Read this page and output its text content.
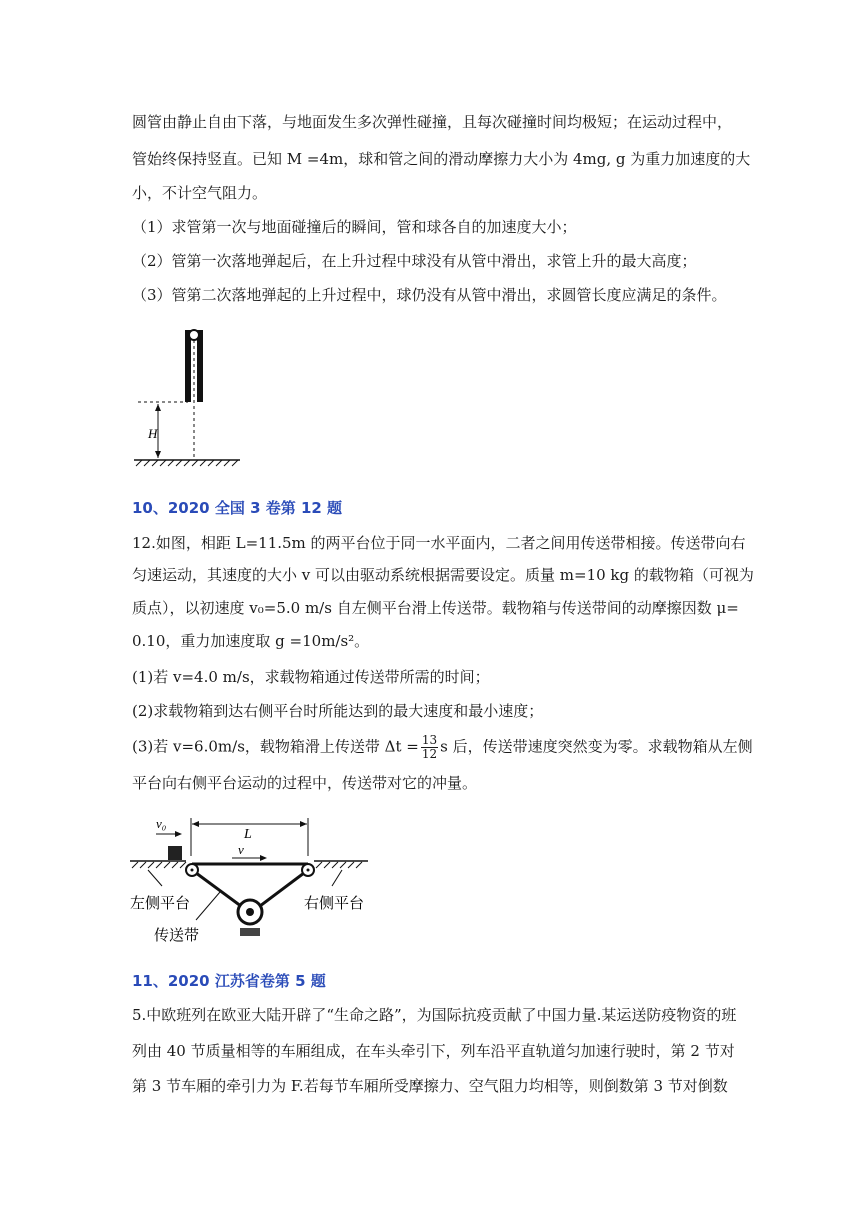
圆管由静止自由下落，与地面发生多次弹性碰撞，且每次碰撞时间均极短；在运动过程中，
管始终保持竖直。已知 M =4m，球和管之间的滑动摩擦力大小为 4mg, g 为重力加速度的大
小，不计空气阻力。
（1）求管第一次与地面碰撞后的瞬间，管和球各自的加速度大小；
（2）管第一次落地弹起后，在上升过程中球没有从管中滑出，求管上升的最大高度；
（3）管第二次落地弹起的上升过程中，球仍没有从管中滑出，求圆管长度应满足的条件。
H
10、2020 全国 3 卷第 12 题
12.如图，相距 L=11.5m 的两平台位于同一水平面内，二者之间用传送带相接。传送带向右
匀速运动，其速度的大小 v 可以由驱动系统根据需要设定。质量 m=10 kg 的载物箱（可视为
质点），以初速度 v₀=5.0 m/s 自左侧平台滑上传送带。载物箱与传送带间的动摩擦因数 μ=
0.10，重力加速度取 g =10m/s²。
(1)若 v=4.0 m/s，求载物箱通过传送带所需的时间；
(2)求载物箱到达右侧平台时所能达到的最大速度和最小速度；
(3)若 v=6.0m/s，载物箱滑上传送带 $\Delta t = \frac{13}{12}$ s 后，传送带速度突然变为零。求载物箱从左侧
平台向右侧平台运动的过程中，传送带对它的冲量。
v₀
L
v
左侧平台	右侧平台
传送带
11、2020 江苏省卷第 5 题
5.中欧班列在欧亚大陆开辟了“生命之路”，为国际抗疫贡献了中国力量.某运送防疫物资的班
列由 40 节质量相等的车厢组成，在车头牵引下，列车沿平直轨道匀加速行驶时，第 2 节对
第 3 节车厢的牵引力为 F.若每节车厢所受摩擦力、空气阻力均相等，则倒数第 3 节对倒数
